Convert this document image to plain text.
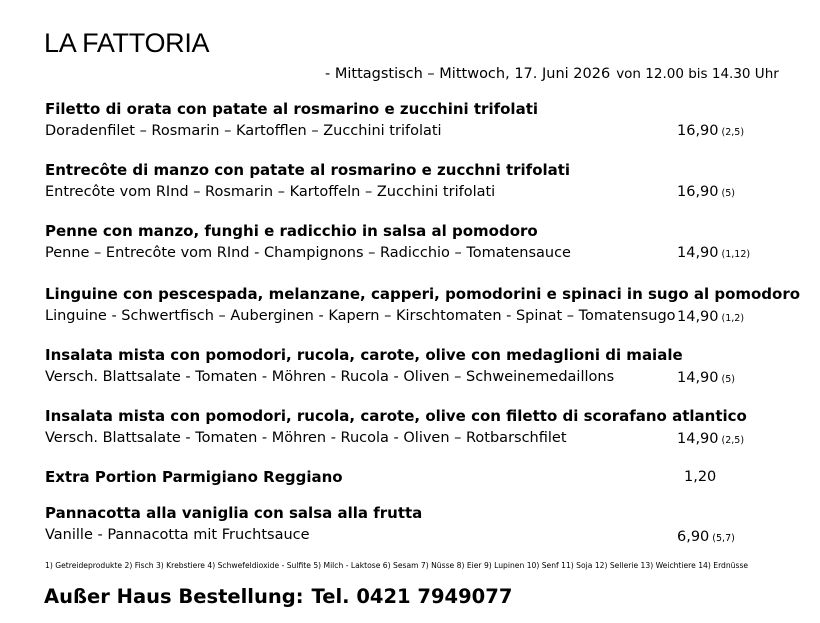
LA FATTORIA
- Mittagstisch – Mittwoch, 17. Juni 2026 von 12.00 bis 14.30 Uhr
Filetto di orata con patate al rosmarino e zucchini trifolati
Doradenfilet – Rosmarin – Kartofflen – Zucchini trifolati	16,90 (2,5)
Entrecôte di manzo con patate al rosmarino e zucchni trifolati
Entrecôte vom RInd – Rosmarin – Kartoffeln – Zucchini trifolati	16,90 (5)
Penne con manzo, funghi e radicchio in salsa al pomodoro
Penne – Entrecôte vom RInd - Champignons – Radicchio – Tomatensauce	14,90 (1,12)
Linguine con pescespada, melanzane, capperi, pomodorini e spinaci in sugo al pomodoro
Linguine - Schwertfisch – Auberginen - Kapern – Kirschtomaten - Spinat – Tomatensugo 14,90 (1,2)
Insalata mista con pomodori, rucola, carote, olive con medaglioni di maiale
Versch. Blattsalate - Tomaten - Möhren - Rucola - Oliven – Schweinemedaillons	14,90 (5)
Insalata mista con pomodori, rucola, carote, olive con filetto di scorafano atlantico
Versch. Blattsalate - Tomaten - Möhren - Rucola - Oliven – Rotbarschfilet	14,90 (2,5)
Extra Portion Parmigiano Reggiano	1,20
Pannacotta alla vaniglia con salsa alla frutta
Vanille - Pannacotta mit Fruchtsauce	6,90 (5,7)
1) Getreideprodukte 2) Fisch 3) Krebstiere 4) Schwefeldioxide - Sulfite 5) Milch - Laktose 6) Sesam 7) Nüsse 8) Eier 9) Lupinen 10) Senf 11) Soja 12) Sellerie 13) Weichtiere 14) Erdnüsse
Außer Haus Bestellung: Tel. 0421 7949077
